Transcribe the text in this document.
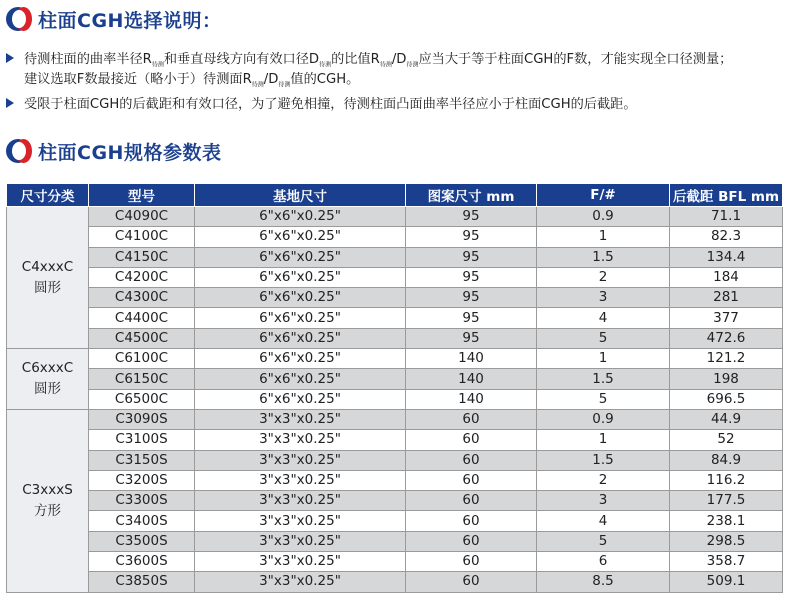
柱面CGH选择说明：
待测柱面的曲率半径$R_{待测}$和垂直母线方向有效口径$D_{待测}$的比值$R_{待测}/D_{待测}$应当大于等于柱面CGH的F数，才能实现全口径测量；
建议选取F数最接近（略小于）待测面$R_{待测}/D_{待测}$值的CGH。
受限于柱面CGH的后截距和有效口径，为了避免相撞，待测柱面凸面曲率半径应小于柱面CGH的后截距。
柱面CGH规格参数表
尺寸分类	型号	基地尺寸	图案尺寸 mm	F/#	后截距 BFL mm

C4xxxC
圆形	C4090C	6"x6"x0.25"	95	0.9	71.1
	C4100C	6"x6"x0.25"	95	1	82.3
	C4150C	6"x6"x0.25"	95	1.5	134.4
	C4200C	6"x6"x0.25"	95	2	184
	C4300C	6"x6"x0.25"	95	3	281
	C4400C	6"x6"x0.25"	95	4	377
	C4500C	6"x6"x0.25"	95	5	472.6

C6xxxC
圆形	C6100C	6"x6"x0.25"	140	1	121.2
	C6150C	6"x6"x0.25"	140	1.5	198
	C6500C	6"x6"x0.25"	140	5	696.5

C3xxxS
方形	C3090S	3"x3"x0.25"	60	0.9	44.9
	C3100S	3"x3"x0.25"	60	1	52
	C3150S	3"x3"x0.25"	60	1.5	84.9
	C3200S	3"x3"x0.25"	60	2	116.2
	C3300S	3"x3"x0.25"	60	3	177.5
	C3400S	3"x3"x0.25"	60	4	238.1
	C3500S	3"x3"x0.25"	60	5	298.5
	C3600S	3"x3"x0.25"	60	6	358.7
	C3850S	3"x3"x0.25"	60	8.5	509.1
